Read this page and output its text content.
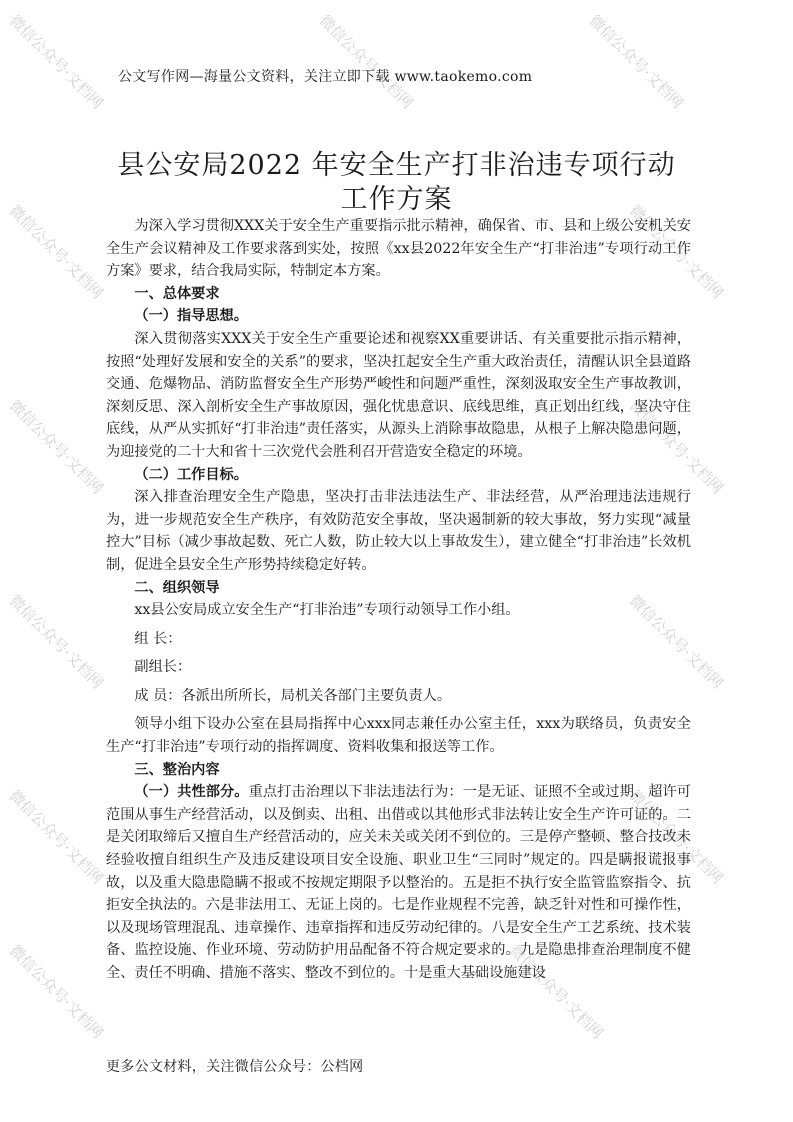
微信公众号·文档网	微信公众号·文档网	微信公众号·文档网
微信公众号·文档网	微信公众号·文档网
微信公众号·文档网	微信公众号·文档网
微信公众号·文档网	微信公众号·文档网
微信公众号·文档网	微信公众号·文档网
微信公众号·文档网	微信公众号·文档网
公文写作网—海量公文资料，关注立即下载 www.taokemo.com
县公安局2022 年安全生产打非治违专项行动
工作方案

为深入学习贯彻XXX关于安全生产重要指示批示精神，确保省、市、县和上级公安机关安全生产会议精神及工作要求落到实处，按照《xx县2022年安全生产“打非治违”专项行动工作方案》要求，结合我局实际，特制定本方案。

一、总体要求
（一）指导思想。

深入贯彻落实XXX关于安全生产重要论述和视察XX重要讲话、有关重要批示指示精神，按照“处理好发展和安全的关系”的要求，坚决扛起安全生产重大政治责任，清醒认识全县道路交通、危爆物品、消防监督安全生产形势严峻性和问题严重性，深刻汲取安全生产事故教训，深刻反思、深入剖析安全生产事故原因，强化忧患意识、底线思维，真正划出红线，坚决守住底线，从严从实抓好“打非治违”责任落实，从源头上消除事故隐患，从根子上解决隐患问题，为迎接党的二十大和省十三次党代会胜利召开营造安全稳定的环境。

（二）工作目标。

深入排查治理安全生产隐患，坚决打击非法违法生产、非法经营，从严治理违法违规行为，进一步规范安全生产秩序，有效防范安全事故，坚决遏制新的较大事故，努力实现“减量控大”目标（减少事故起数、死亡人数，防止较大以上事故发生），建立健全“打非治违”长效机制，促进全县安全生产形势持续稳定好转。

二、组织领导

xx县公安局成立安全生产“打非治违”专项行动领导工作小组。

组 长：

副组长：

成 员：各派出所所长，局机关各部门主要负责人。

领导小组下设办公室在县局指挥中心xxx同志兼任办公室主任，xxx为联络员，负责安全生产“打非治违”专项行动的指挥调度、资料收集和报送等工作。

三、整治内容

（一）共性部分。重点打击治理以下非法违法行为：一是无证、证照不全或过期、超许可范围从事生产经营活动，以及倒卖、出租、出借或以其他形式非法转让安全生产许可证的。二是关闭取缔后又擅自生产经营活动的，应关未关或关闭不到位的。三是停产整顿、整合技改未经验收擅自组织生产及违反建设项目安全设施、职业卫生“三同时”规定的。四是瞒报谎报事故，以及重大隐患隐瞒不报或不按规定期限予以整治的。五是拒不执行安全监管监察指令、抗拒安全执法的。六是非法用工、无证上岗的。七是作业规程不完善，缺乏针对性和可操作性，以及现场管理混乱、违章操作、违章指挥和违反劳动纪律的。八是安全生产工艺系统、技术装备、监控设施、作业环境、劳动防护用品配备不符合规定要求的。九是隐患排查治理制度不健全、责任不明确、措施不落实、整改不到位的。十是重大基础设施建设

更多公文材料，关注微信公众号：公档网
